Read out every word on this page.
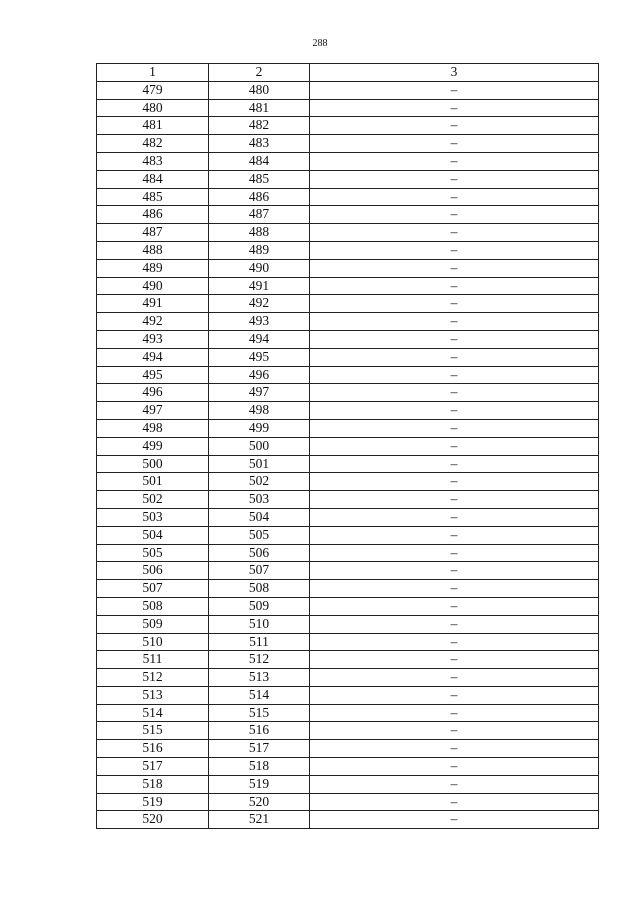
288
1	2	3
479	480	–
480	481	–
481	482	–
482	483	–
483	484	–
484	485	–
485	486	–
486	487	–
487	488	–
488	489	–
489	490	–
490	491	–
491	492	–
492	493	–
493	494	–
494	495	–
495	496	–
496	497	–
497	498	–
498	499	–
499	500	–
500	501	–
501	502	–
502	503	–
503	504	–
504	505	–
505	506	–
506	507	–
507	508	–
508	509	–
509	510	–
510	511	–
511	512	–
512	513	–
513	514	–
514	515	–
515	516	–
516	517	–
517	518	–
518	519	–
519	520	–
520	521	–
